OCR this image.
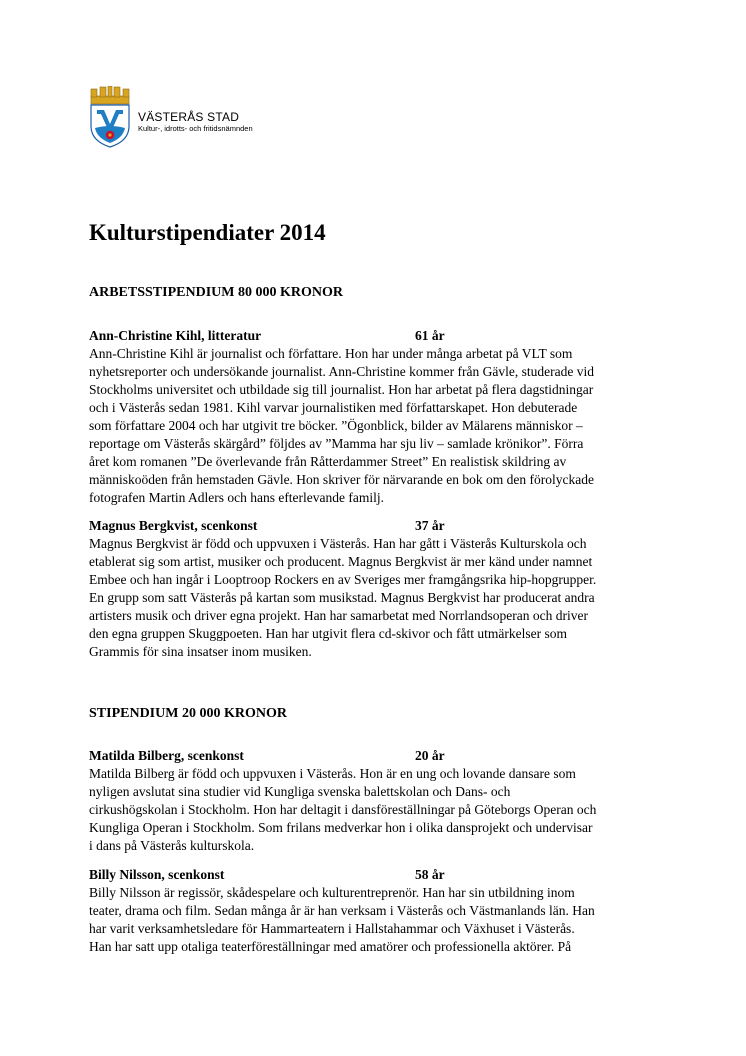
VÄSTERÅS STAD
Kultur-, idrotts- och fritidsnämnden
Kulturstipendiater 2014
ARBETSSTIPENDIUM 80 000 KRONOR
Ann-Christine Kihl, litteratur	61 år

Ann-Christine Kihl är journalist och författare. Hon har under många arbetat på VLT som
nyhetsreporter och undersökande journalist. Ann-Christine kommer från Gävle, studerade vid
Stockholms universitet och utbildade sig till journalist. Hon har arbetat på flera dagstidningar
och i Västerås sedan 1981. Kihl varvar journalistiken med författarskapet. Hon debuterade
som författare 2004 och har utgivit tre böcker. ”Ögonblick, bilder av Mälarens människor –
reportage om Västerås skärgård” följdes av ”Mamma har sju liv – samlade krönikor”. Förra
året kom romanen ”De överlevande från Råtterdammer Street” En realistisk skildring av
människoöden från hemstaden Gävle. Hon skriver för närvarande en bok om den förolyckade
fotografen Martin Adlers och hans efterlevande familj.

Magnus Bergkvist, scenkonst	37 år

Magnus Bergkvist är född och uppvuxen i Västerås. Han har gått i Västerås Kulturskola och
etablerat sig som artist, musiker och producent. Magnus Bergkvist är mer känd under namnet
Embee och han ingår i Looptroop Rockers en av Sveriges mer framgångsrika hip-hopgrupper.
En grupp som satt Västerås på kartan som musikstad. Magnus Bergkvist har producerat andra
artisters musik och driver egna projekt. Han har samarbetat med Norrlandsoperan och driver
den egna gruppen Skuggpoeten. Han har utgivit flera cd-skivor och fått utmärkelser som
Grammis för sina insatser inom musiken.

STIPENDIUM 20 000 KRONOR
Matilda Bilberg, scenkonst	20 år

Matilda Bilberg är född och uppvuxen i Västerås. Hon är en ung och lovande dansare som
nyligen avslutat sina studier vid Kungliga svenska balettskolan och Dans- och
cirkushögskolan i Stockholm. Hon har deltagit i dansföreställningar på Göteborgs Operan och
Kungliga Operan i Stockholm. Som frilans medverkar hon i olika dansprojekt och undervisar
i dans på Västerås kulturskola.

Billy Nilsson, scenkonst	58 år

Billy Nilsson är regissör, skådespelare och kulturentreprenör. Han har sin utbildning inom
teater, drama och film. Sedan många år är han verksam i Västerås och Västmanlands län. Han
har varit verksamhetsledare för Hammarteatern i Hallstahammar och Växhuset i Västerås.
Han har satt upp otaliga teaterföreställningar med amatörer och professionella aktörer. På
